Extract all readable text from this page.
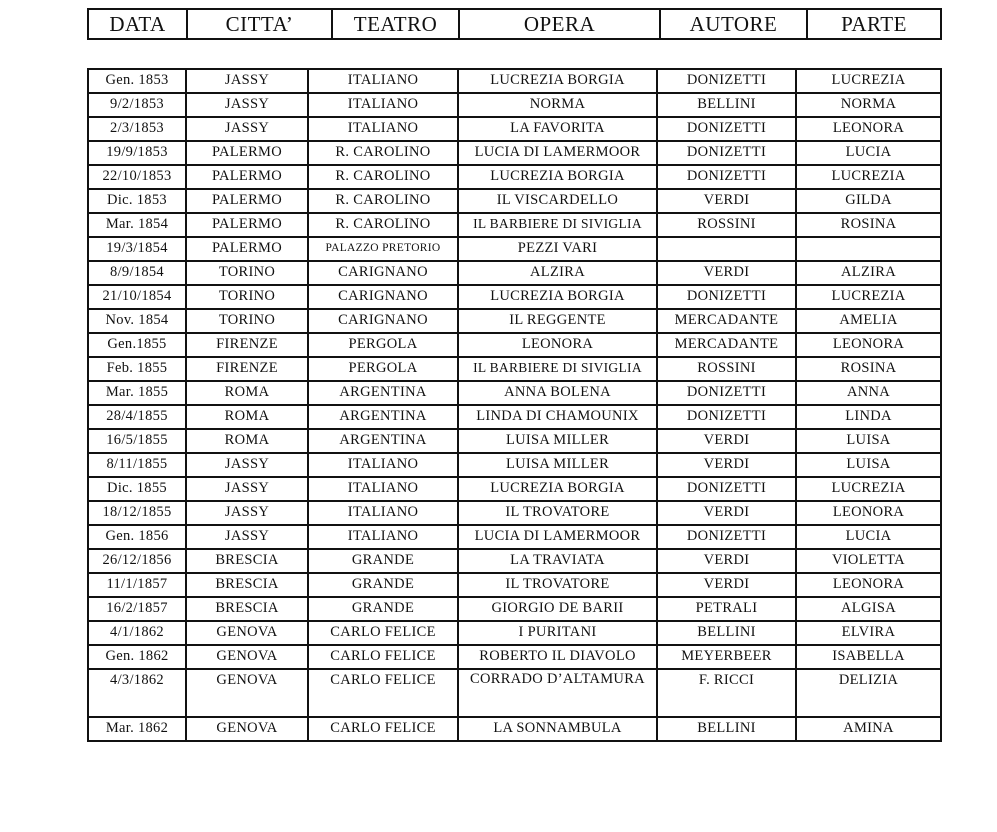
DATA	CITTA’	TEATRO	OPERA	AUTORE	PARTE
Gen. 1853	JASSY	ITALIANO	LUCREZIA BORGIA	DONIZETTI	LUCREZIA
9/2/1853	JASSY	ITALIANO	NORMA	BELLINI	NORMA
2/3/1853	JASSY	ITALIANO	LA FAVORITA	DONIZETTI	LEONORA
19/9/1853	PALERMO	R. CAROLINO	LUCIA DI LAMERMOOR	DONIZETTI	LUCIA
22/10/1853	PALERMO	R. CAROLINO	LUCREZIA BORGIA	DONIZETTI	LUCREZIA
Dic. 1853	PALERMO	R. CAROLINO	IL VISCARDELLO	VERDI	GILDA
Mar. 1854	PALERMO	R. CAROLINO	IL BARBIERE DI SIVIGLIA	ROSSINI	ROSINA
19/3/1854	PALERMO	PALAZZO PRETORIO	PEZZI VARI		
8/9/1854	TORINO	CARIGNANO	ALZIRA	VERDI	ALZIRA
21/10/1854	TORINO	CARIGNANO	LUCREZIA BORGIA	DONIZETTI	LUCREZIA
Nov. 1854	TORINO	CARIGNANO	IL REGGENTE	MERCADANTE	AMELIA
Gen.1855	FIRENZE	PERGOLA	LEONORA	MERCADANTE	LEONORA
Feb. 1855	FIRENZE	PERGOLA	IL BARBIERE DI SIVIGLIA	ROSSINI	ROSINA
Mar. 1855	ROMA	ARGENTINA	ANNA BOLENA	DONIZETTI	ANNA
28/4/1855	ROMA	ARGENTINA	LINDA DI CHAMOUNIX	DONIZETTI	LINDA
16/5/1855	ROMA	ARGENTINA	LUISA MILLER	VERDI	LUISA
8/11/1855	JASSY	ITALIANO	LUISA MILLER	VERDI	LUISA
Dic. 1855	JASSY	ITALIANO	LUCREZIA BORGIA	DONIZETTI	LUCREZIA
18/12/1855	JASSY	ITALIANO	IL TROVATORE	VERDI	LEONORA
Gen. 1856	JASSY	ITALIANO	LUCIA DI LAMERMOOR	DONIZETTI	LUCIA
26/12/1856	BRESCIA	GRANDE	LA TRAVIATA	VERDI	VIOLETTA
11/1/1857	BRESCIA	GRANDE	IL TROVATORE	VERDI	LEONORA
16/2/1857	BRESCIA	GRANDE	GIORGIO DE BARII	PETRALI	ALGISA
4/1/1862	GENOVA	CARLO FELICE	I PURITANI	BELLINI	ELVIRA
Gen. 1862	GENOVA	CARLO FELICE	ROBERTO IL DIAVOLO	MEYERBEER	ISABELLA
4/3/1862	GENOVA	CARLO FELICE	CORRADO D’ALTAMURA	F. RICCI	DELIZIA
Mar. 1862	GENOVA	CARLO FELICE	LA SONNAMBULA	BELLINI	AMINA
